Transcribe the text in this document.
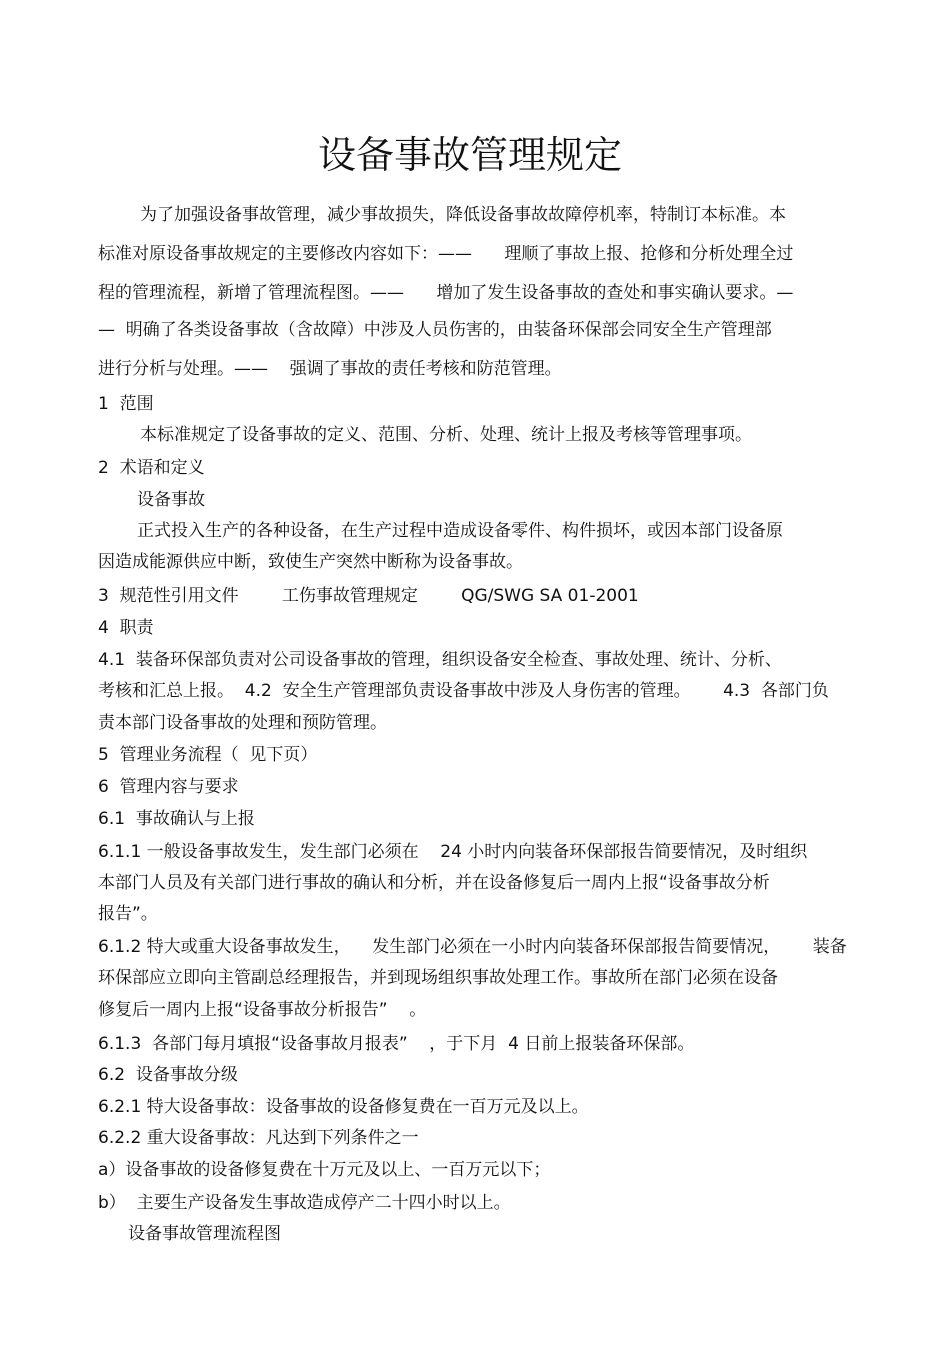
设备事故管理规定
为了加强设备事故管理，减少事故损失，降低设备事故故障停机率，特制订本标准。本
标准对原设备事故规定的主要修改内容如下：——      理顺了事故上报、抢修和分析处理全过
程的管理流程，新增了管理流程图。——      增加了发生设备事故的查处和事实确认要求。—
—  明确了各类设备事故（含故障）中涉及人员伤害的，由装备环保部会同安全生产管理部
进行分析与处理。——    强调了事故的责任考核和防范管理。
1  范围
本标准规定了设备事故的定义、范围、分析、处理、统计上报及考核等管理事项。
2  术语和定义
设备事故
正式投入生产的各种设备，在生产过程中造成设备零件、构件损坏，或因本部门设备原
因造成能源供应中断，致使生产突然中断称为设备事故。
3  规范性引用文件        工伤事故管理规定        QG/SWG SA 01-2001
4  职责
4.1  装备环保部负责对公司设备事故的管理，组织设备安全检查、事故处理、统计、分析、
考核和汇总上报。  4.2  安全生产管理部负责设备事故中涉及人身伤害的管理。      4.3  各部门负
责本部门设备事故的处理和预防管理。
5  管理业务流程（  见下页）
6  管理内容与要求
6.1  事故确认与上报
6.1.1 一般设备事故发生，发生部门必须在    24 小时内向装备环保部报告简要情况，及时组织
本部门人员及有关部门进行事故的确认和分析，并在设备修复后一周内上报“设备事故分析
报告”。
6.1.2 特大或重大设备事故发生，    发生部门必须在一小时内向装备环保部报告简要情况，      装备
环保部应立即向主管副总经理报告，并到现场组织事故处理工作。事故所在部门必须在设备
修复后一周内上报“设备事故分析报告”    。
6.1.3  各部门每月填报“设备事故月报表”    ，于下月  4 日前上报装备环保部。
6.2  设备事故分级
6.2.1 特大设备事故：设备事故的设备修复费在一百万元及以上。
6.2.2 重大设备事故：凡达到下列条件之一
a）设备事故的设备修复费在十万元及以上、一百万元以下；
b）  主要生产设备发生事故造成停产二十四小时以上。
设备事故管理流程图
